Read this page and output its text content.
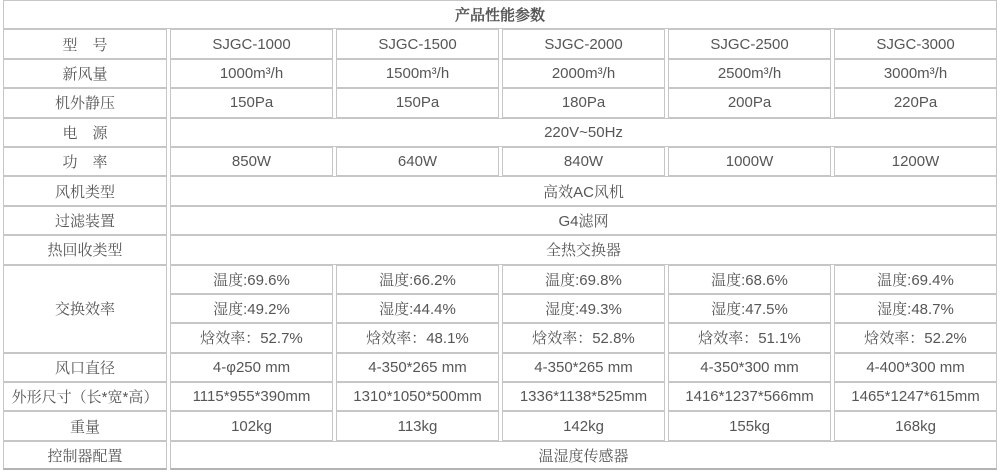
产品性能参数					
型　号	SJGC-1000	SJGC-1500	SJGC-2000	SJGC-2500	SJGC-3000
新风量	1000m³/h	1500m³/h	2000m³/h	2500m³/h	3000m³/h
机外静压	150Pa	150Pa	180Pa	200Pa	220Pa
电　源	220V~50Hz				
功　率	850W	640W	840W	1000W	1200W
风机类型	高效AC风机				
过滤装置	G4滤网				
热回收类型	全热交换器				
交换效率	温度:69.6%	温度:66.2%	温度:69.8%	温度:68.6%	温度:69.4%
	湿度:49.2%	湿度:44.4%	湿度:49.3%	湿度:47.5%	湿度:48.7%
	焓效率：52.7%	焓效率：48.1%	焓效率：52.8%	焓效率：51.1%	焓效率：52.2%
风口直径	4-φ250 mm	4-350*265 mm	4-350*265 mm	4-350*300 mm	4-400*300 mm
外形尺寸（长*宽*高）	1115*955*390mm	1310*1050*500mm	1336*1138*525mm	1416*1237*566mm	1465*1247*615mm
重量	102kg	113kg	142kg	155kg	168kg
控制器配置	温湿度传感器				
